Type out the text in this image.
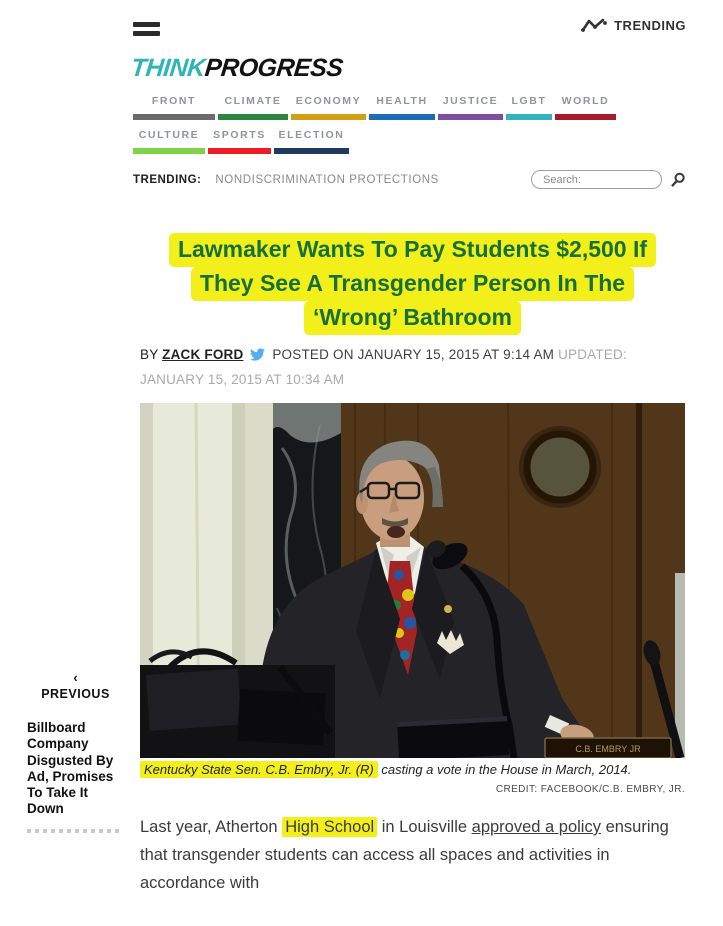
TRENDING
THINKPROGRESS
FRONT	CLIMATE	ECONOMY	HEALTH	JUSTICE	LGBT	WORLD
CULTURE	SPORTS	ELECTION
TRENDING: NONDISCRIMINATION PROTECTIONS
Search:
Lawmaker Wants To Pay Students $2,500 If
They See A Transgender Person In The
‘Wrong’ Bathroom
BY ZACK FORD POSTED ON JANUARY 15, 2015 AT 9:14 AM UPDATED: JANUARY 15, 2015 AT 10:34 AM
C.B. EMBRY JR
Kentucky State Sen. C.B. Embry, Jr. (R) casting a vote in the House in March, 2014.
CREDIT: FACEBOOK/C.B. EMBRY, JR.

Last year, Atherton High School in Louisville approved a policy ensuring that transgender students can access all spaces and activities in accordance with

‹
PREVIOUS
Billboard Company Disgusted By Ad, Promises To Take It Down
